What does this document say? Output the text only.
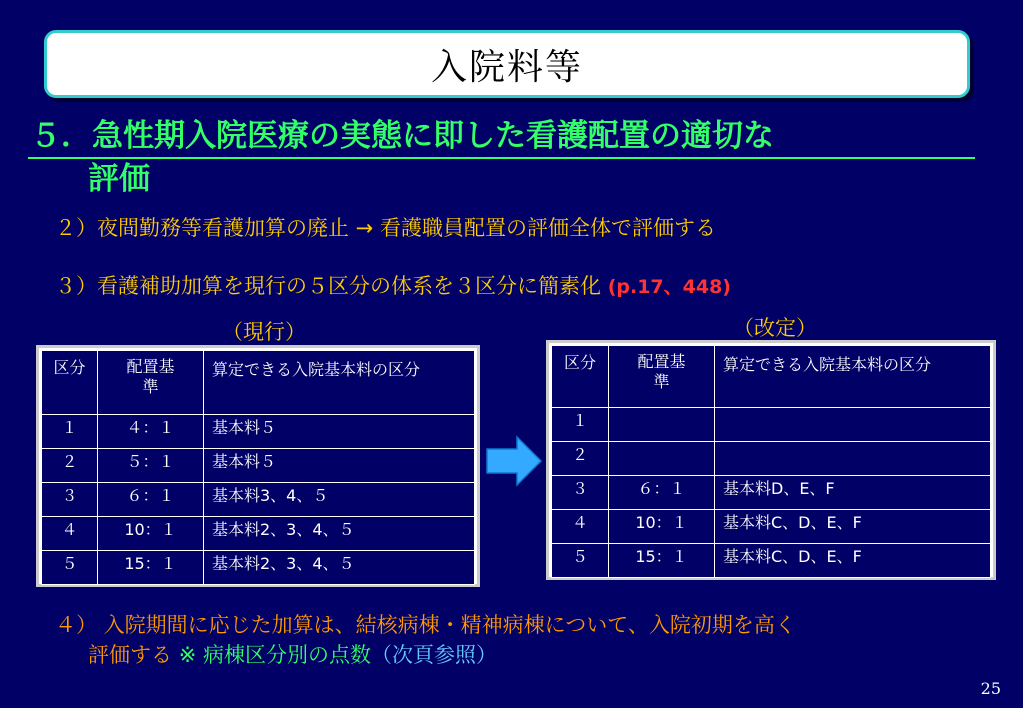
入院料等
５．急性期入院医療の実態に即した看護配置の適切な
評価
２）夜間勤務等看護加算の廃止 → 看護職員配置の評価全体で評価する
３）看護補助加算を現行の５区分の体系を３区分に簡素化 (p.17、448)
（現行）	（改定）
区分	配置基準	算定できる入院基本料の区分
１	４：１	基本料５
２	５：１	基本料５
３	６：１	基本料3、4、５
４	10：１	基本料2、3、4、５
５	15：１	基本料2、3、4、５
区分	配置基準	算定できる入院基本料の区分
１		
２		
３	６：１	基本料D、E、F
４	10：１	基本料C、D、E、F
５	15：１	基本料C、D、E、F
４） 入院期間に応じた加算は、結核病棟・精神病棟について、入院初期を高く
評価する ※ 病棟区分別の点数（次頁参照）
25
